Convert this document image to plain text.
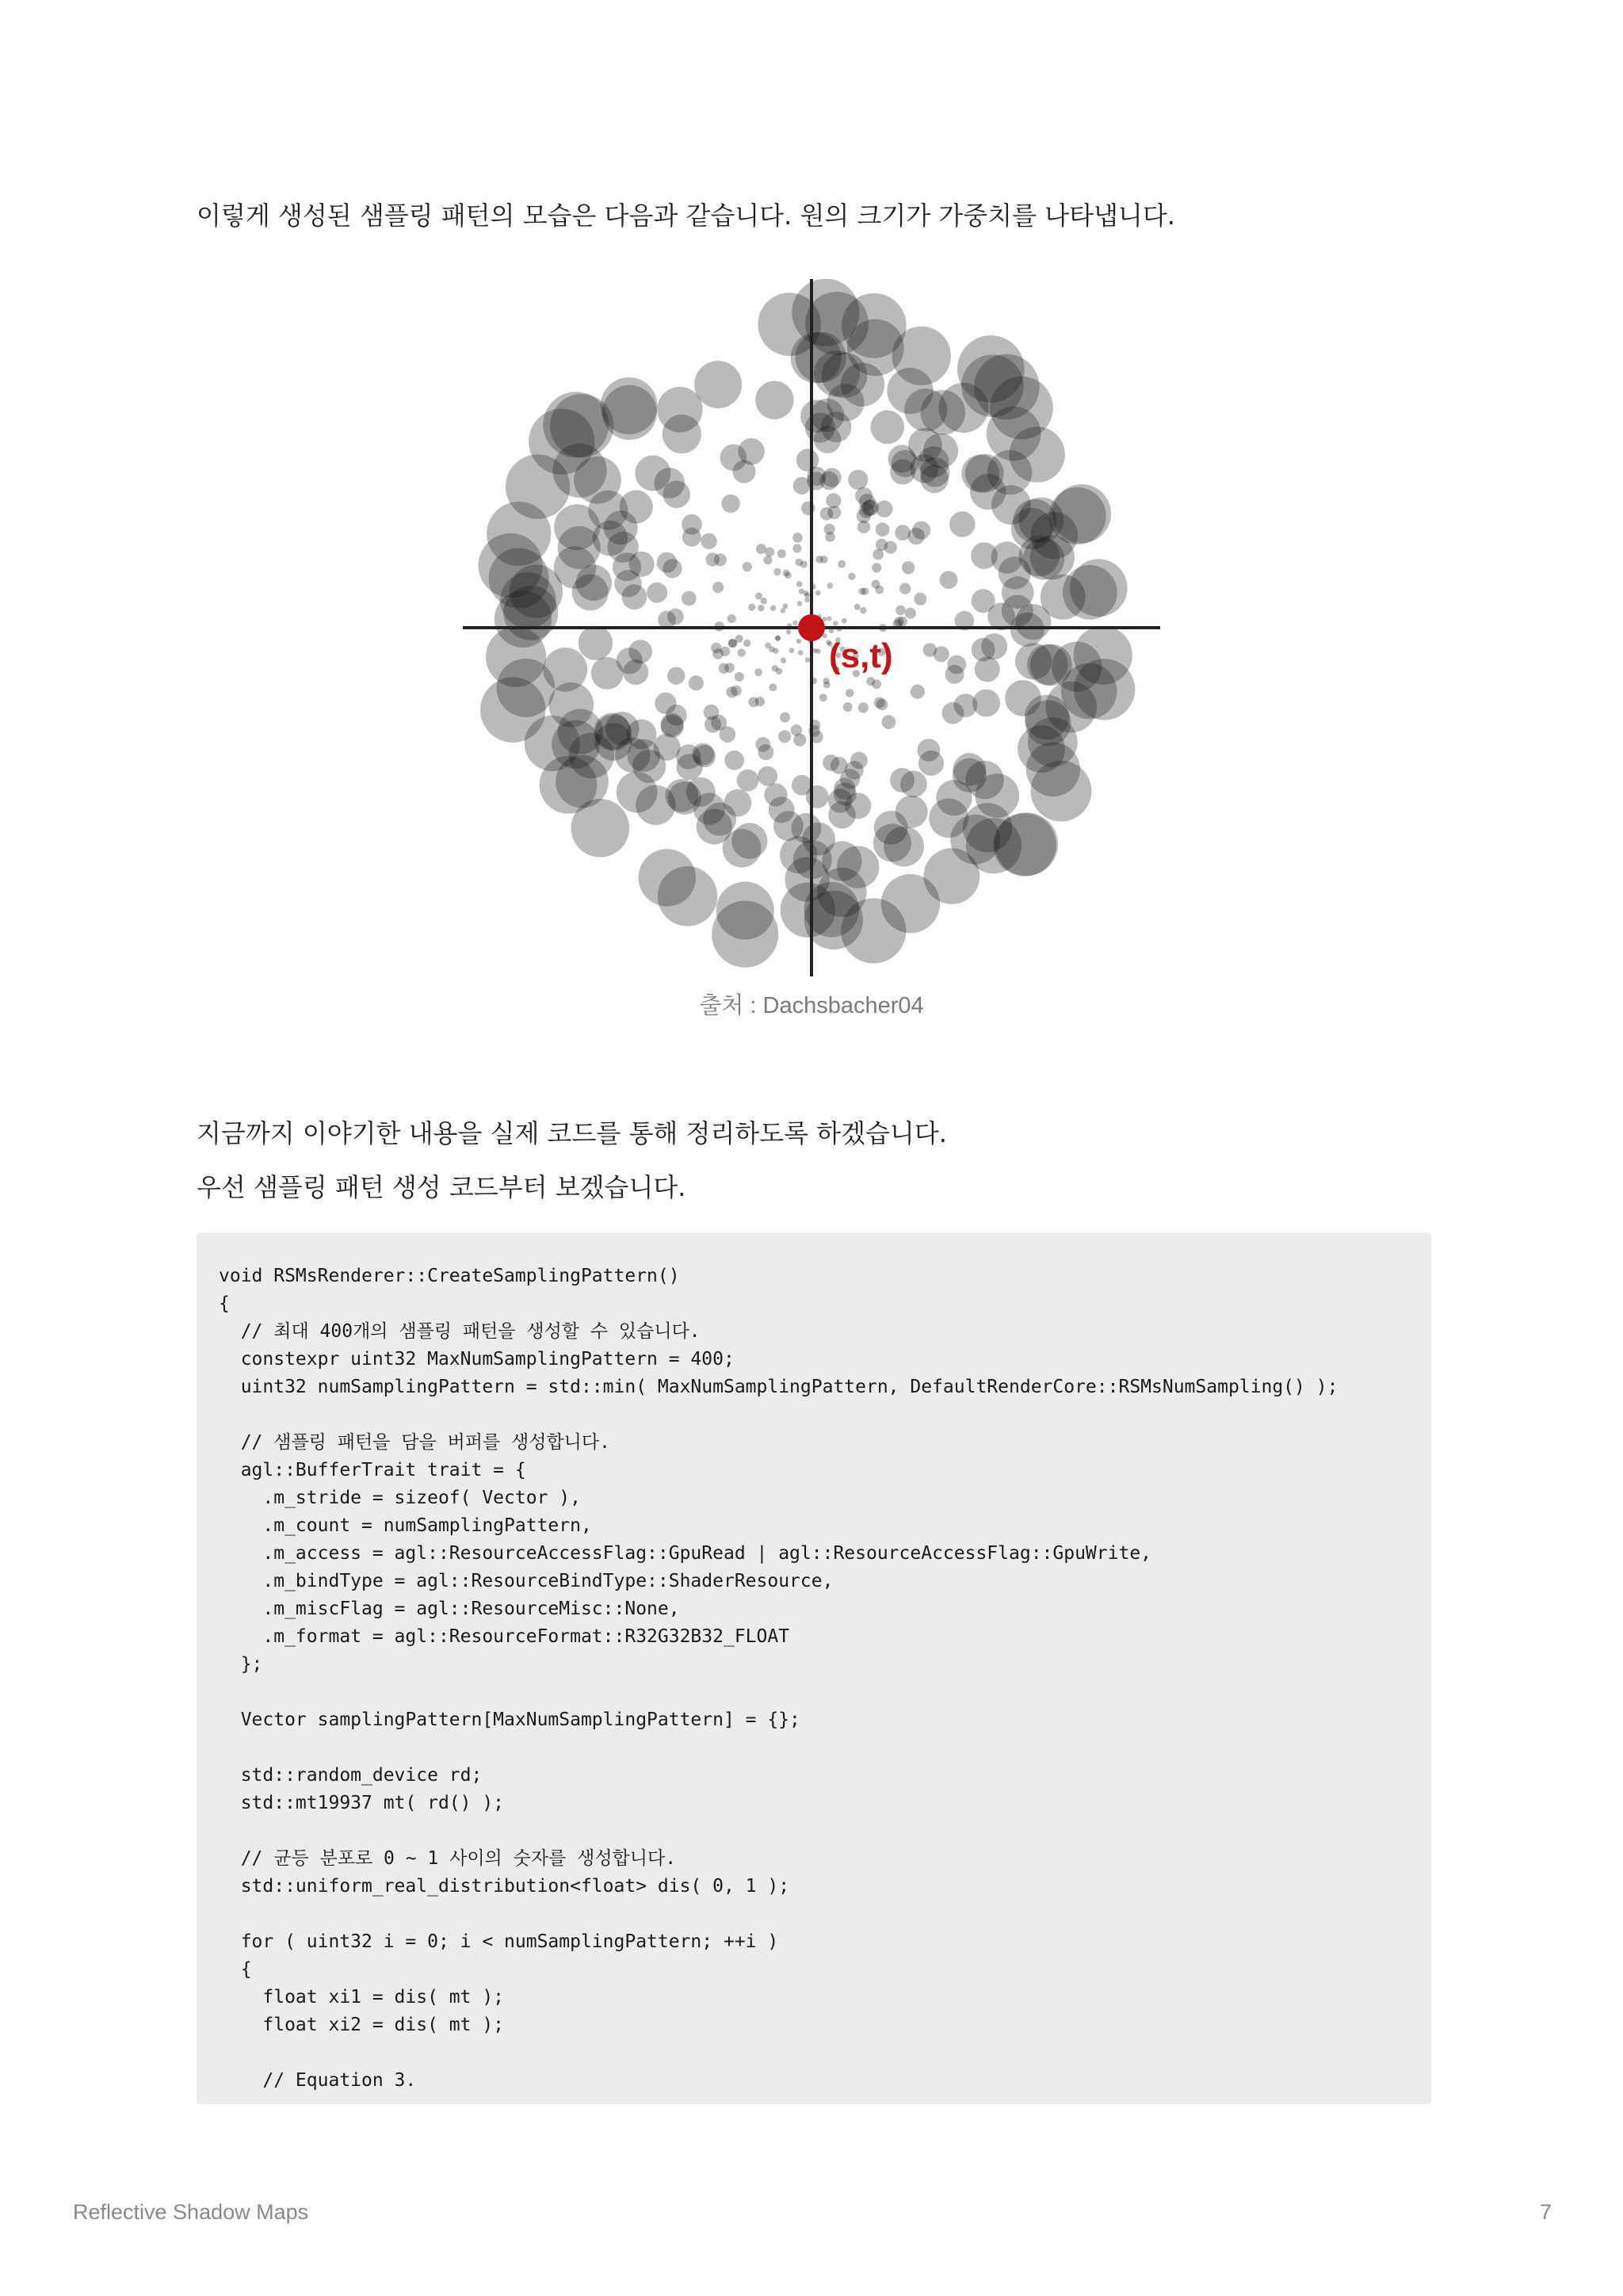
이렇게 생성된 샘플링 패턴의 모습은 다음과 같습니다. 원의 크기가 가중치를 나타냅니다.

(s,t)
출처 : Dachsbacher04

지금까지 이야기한 내용을 실제 코드를 통해 정리하도록 하겠습니다.

우선 샘플링 패턴 생성 코드부터 보겠습니다.

void RSMsRenderer::CreateSamplingPattern()
{
// 최대 400개의 샘플링 패턴을 생성할 수 있습니다.
constexpr uint32 MaxNumSamplingPattern = 400;
uint32 numSamplingPattern = std::min( MaxNumSamplingPattern, DefaultRenderCore::RSMsNumSampling() );

// 샘플링 패턴을 담을 버퍼를 생성합니다.
agl::BufferTrait trait = {
.m_stride = sizeof( Vector ),
.m_count = numSamplingPattern,
.m_access = agl::ResourceAccessFlag::GpuRead | agl::ResourceAccessFlag::GpuWrite,
.m_bindType = agl::ResourceBindType::ShaderResource,
.m_miscFlag = agl::ResourceMisc::None,
.m_format = agl::ResourceFormat::R32G32B32_FLOAT
};

Vector samplingPattern[MaxNumSamplingPattern] = {};

std::random_device rd;
std::mt19937 mt( rd() );

// 균등 분포로 0 ~ 1 사이의 숫자를 생성합니다.
std::uniform_real_distribution<float> dis( 0, 1 );

for ( uint32 i = 0; i < numSamplingPattern; ++i )
{
float xi1 = dis( mt );
float xi2 = dis( mt );

// Equation 3.
Reflective Shadow Maps	7
